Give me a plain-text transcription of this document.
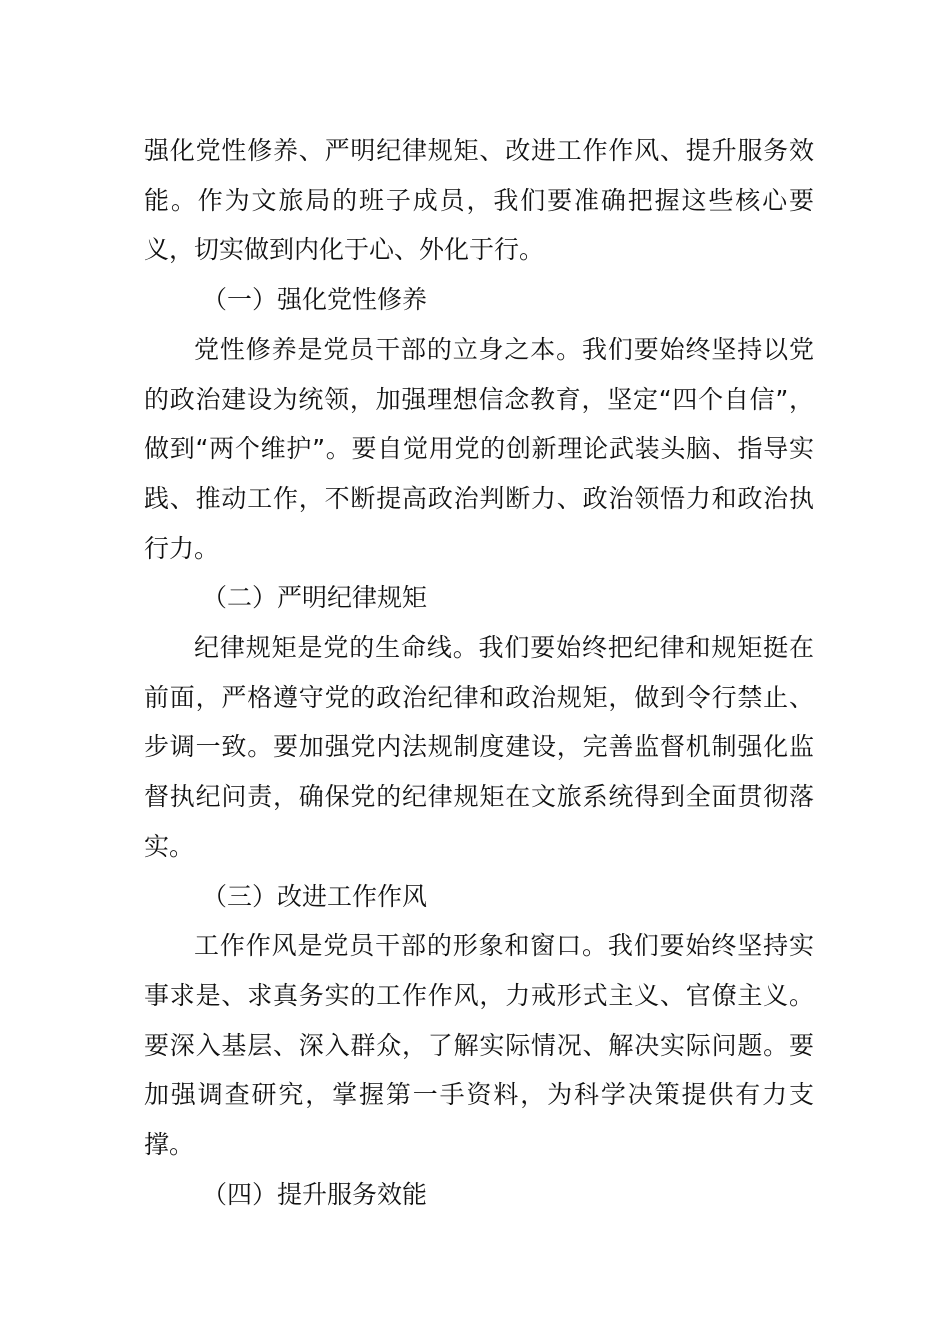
强化党性修养、严明纪律规矩、改进工作作风、提升服务效能。作为文旅局的班子成员，我们要准确把握这些核心要义，切实做到内化于心、外化于行。

（一）强化党性修养

党性修养是党员干部的立身之本。我们要始终坚持以党的政治建设为统领，加强理想信念教育，坚定“四个自信”，做到“两个维护”。要自觉用党的创新理论武装头脑、指导实践、推动工作，不断提高政治判断力、政治领悟力和政治执行力。

（二）严明纪律规矩

纪律规矩是党的生命线。我们要始终把纪律和规矩挺在前面，严格遵守党的政治纪律和政治规矩，做到令行禁止、步调一致。要加强党内法规制度建设，完善监督机制强化监督执纪问责，确保党的纪律规矩在文旅系统得到全面贯彻落实。

（三）改进工作作风

工作作风是党员干部的形象和窗口。我们要始终坚持实事求是、求真务实的工作作风，力戒形式主义、官僚主义。要深入基层、深入群众，了解实际情况、解决实际问题。要加强调查研究，掌握第一手资料，为科学决策提供有力支撑。

（四）提升服务效能
